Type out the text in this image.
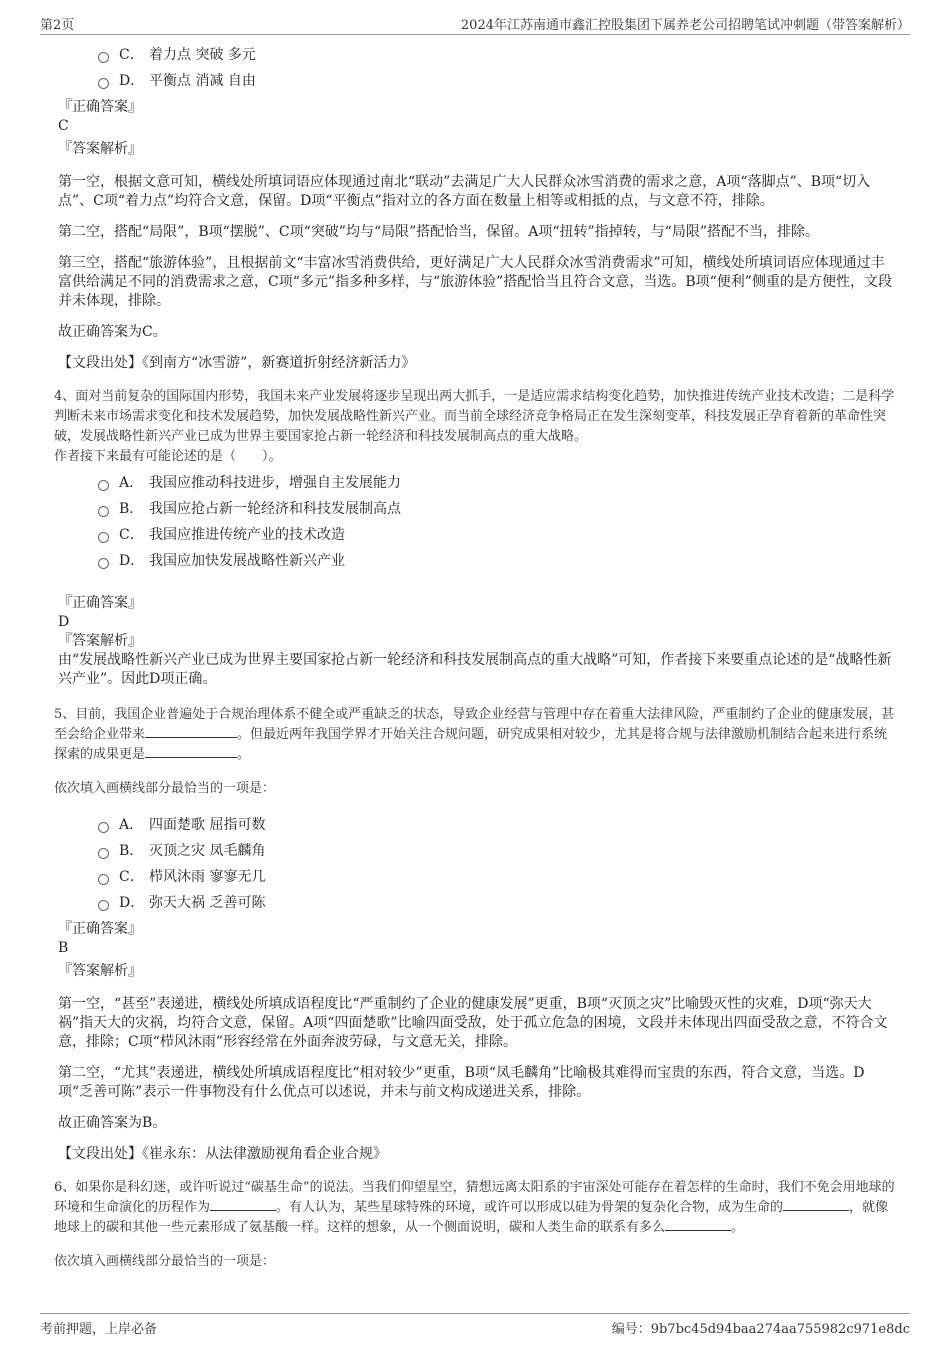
第2页	2024年江苏南通市鑫汇控股集团下属养老公司招聘笔试冲刺题（带答案解析）
C． 着力点 突破 多元
D． 平衡点 消减 自由
『正确答案』
C
『答案解析』
第一空，根据文意可知，横线处所填词语应体现通过南北“联动”去满足广大人民群众冰雪消费的需求之意，A项“落脚点”、B项“切入点”、C项“着力点”均符合文意，保留。D项“平衡点”指对立的各方面在数量上相等或相抵的点，与文意不符，排除。
第二空，搭配“局限”，B项“摆脱”、C项“突破”均与“局限”搭配恰当，保留。A项“扭转”指掉转，与“局限”搭配不当，排除。
第三空，搭配“旅游体验”，且根据前文“丰富冰雪消费供给，更好满足广大人民群众冰雪消费需求”可知，横线处所填词语应体现通过丰富供给满足不同的消费需求之意，C项“多元”指多种多样，与“旅游体验”搭配恰当且符合文意，当选。B项“便利”侧重的是方便性，文段并未体现，排除。
故正确答案为C。
【文段出处】《到南方“冰雪游”，新赛道折射经济新活力》
4、面对当前复杂的国际国内形势，我国未来产业发展将逐步呈现出两大抓手，一是适应需求结构变化趋势，加快推进传统产业技术改造；二是科学判断未来市场需求变化和技术发展趋势，加快发展战略性新兴产业。而当前全球经济竞争格局正在发生深刻变革，科技发展正孕育着新的革命性突破，发展战略性新兴产业已成为世界主要国家抢占新一轮经济和科技发展制高点的重大战略。
作者接下来最有可能论述的是（　　）。
A． 我国应推动科技进步，增强自主发展能力
B． 我国应抢占新一轮经济和科技发展制高点
C． 我国应推进传统产业的技术改造
D． 我国应加快发展战略性新兴产业
『正确答案』
D
『答案解析』
由“发展战略性新兴产业已成为世界主要国家抢占新一轮经济和科技发展制高点的重大战略”可知，作者接下来要重点论述的是“战略性新兴产业”。因此D项正确。
5、目前，我国企业普遍处于合规治理体系不健全或严重缺乏的状态，导致企业经营与管理中存在着重大法律风险，严重制约了企业的健康发展，甚至会给企业带来	。但最近两年我国学界才开始关注合规问题，研究成果相对较少，尤其是将合规与法律激励机制结合起来进行系统探索的成果更是	。
依次填入画横线部分最恰当的一项是：
A． 四面楚歌 屈指可数
B． 灭顶之灾 凤毛麟角
C． 栉风沐雨 寥寥无几
D． 弥天大祸 乏善可陈
『正确答案』
B
『答案解析』
第一空，“甚至”表递进，横线处所填成语程度比“严重制约了企业的健康发展”更重，B项“灭顶之灾”比喻毁灭性的灾难，D项“弥天大祸”指天大的灾祸，均符合文意，保留。A项“四面楚歌”比喻四面受敌，处于孤立危急的困境，文段并未体现出四面受敌之意，不符合文意，排除；C项“栉风沐雨”形容经常在外面奔波劳碌，与文意无关，排除。
第二空，“尤其”表递进，横线处所填成语程度比“相对较少”更重，B项“凤毛麟角”比喻极其难得而宝贵的东西，符合文意，当选。D项“乏善可陈”表示一件事物没有什么优点可以述说，并未与前文构成递进关系，排除。
故正确答案为B。
【文段出处】《崔永东：从法律激励视角看企业合规》
6、如果你是科幻迷，或许听说过“碳基生命”的说法。当我们仰望星空，猜想远离太阳系的宇宙深处可能存在着怎样的生命时，我们不免会用地球的环境和生命演化的历程作为	。有人认为，某些星球特殊的环境，或许可以形成以硅为骨架的复杂化合物，成为生命的	，就像地球上的碳和其他一些元素形成了氨基酸一样。这样的想象，从一个侧面说明，碳和人类生命的联系有多么	。
依次填入画横线部分最恰当的一项是：
考前押题，上岸必备	编号：9b7bc45d94baa274aa755982c971e8dc
